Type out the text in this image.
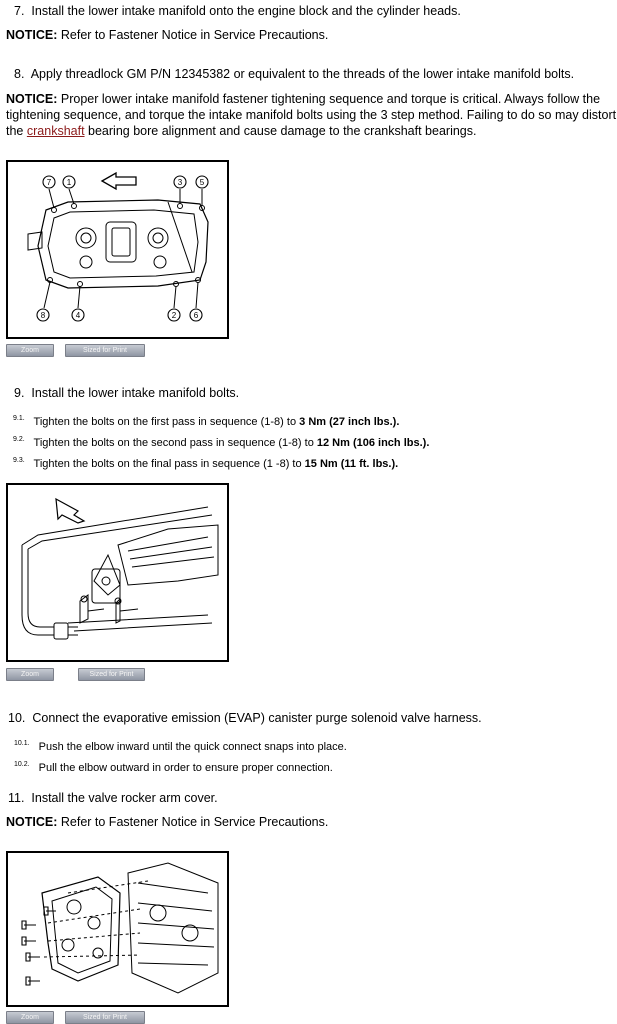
7. Install the lower intake manifold onto the engine block and the cylinder heads.
NOTICE: Refer to Fastener Notice in Service Precautions.
8. Apply threadlock GM P/N 12345382 or equivalent to the threads of the lower intake manifold bolts.
NOTICE: Proper lower intake manifold fastener tightening sequence and torque is critical. Always follow the tightening sequence, and torque the intake manifold bolts using the 3 step method. Failing to do so may distort the crankshaft bearing bore alignment and cause damage to the crankshaft bearings.
7 1	3 5
8	4	2 6
Zoom	Sized for Print
9. Install the lower intake manifold bolts.
$^{9.1.}$ Tighten the bolts on the first pass in sequence (1-8) to 3 Nm (27 inch lbs.).
$^{9.2.}$ Tighten the bolts on the second pass in sequence (1-8) to 12 Nm (106 inch lbs.).
$^{9.3.}$ Tighten the bolts on the final pass in sequence (1 -8) to 15 Nm (11 ft. lbs.).
Zoom	Sized for Print
10. Connect the evaporative emission (EVAP) canister purge solenoid valve harness.
$^{10.1.}$ Push the elbow inward until the quick connect snaps into place.
$^{10.2.}$ Pull the elbow outward in order to ensure proper connection.
11. Install the valve rocker arm cover.
NOTICE: Refer to Fastener Notice in Service Precautions.
Zoom	Sized for Print
